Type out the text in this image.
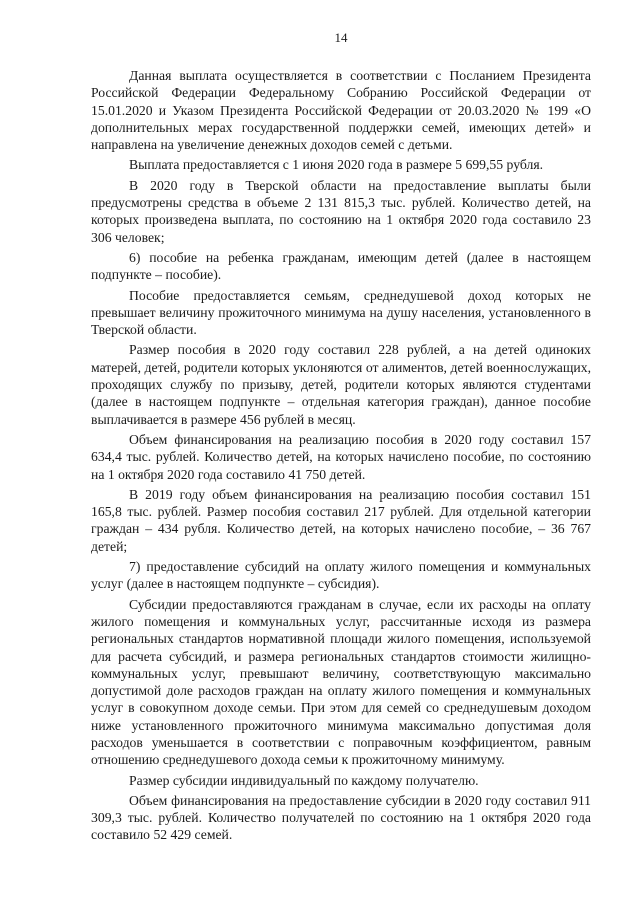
14

Данная выплата осуществляется в соответствии с Посланием Президента Российской Федерации Федеральному Собранию Российской Федерации от 15.01.2020 и Указом Президента Российской Федерации от 20.03.2020 № 199 «О дополнительных мерах государственной поддержки семей, имеющих детей» и направлена на увеличение денежных доходов семей с детьми.

Выплата предоставляется с 1 июня 2020 года в размере 5 699,55 рубля.

В 2020 году в Тверской области на предоставление выплаты были предусмотрены средства в объеме 2 131 815,3 тыс. рублей. Количество детей, на которых произведена выплата, по состоянию на 1 октября 2020 года составило 23 306 человек;

6) пособие на ребенка гражданам, имеющим детей (далее в настоящем подпункте – пособие).

Пособие предоставляется семьям, среднедушевой доход которых не превышает величину прожиточного минимума на душу населения, установленного в Тверской области.

Размер пособия в 2020 году составил 228 рублей, а на детей одиноких матерей, детей, родители которых уклоняются от алиментов, детей военнослужащих, проходящих службу по призыву, детей, родители которых являются студентами (далее в настоящем подпункте – отдельная категория граждан), данное пособие выплачивается в размере 456 рублей в месяц.

Объем финансирования на реализацию пособия в 2020 году составил 157 634,4 тыс. рублей. Количество детей, на которых начислено пособие, по состоянию на 1 октября 2020 года составило 41 750 детей.

В 2019 году объем финансирования на реализацию пособия составил 151 165,8 тыс. рублей. Размер пособия составил 217 рублей. Для отдельной категории граждан – 434 рубля. Количество детей, на которых начислено пособие, – 36 767 детей;

7) предоставление субсидий на оплату жилого помещения и коммунальных услуг (далее в настоящем подпункте – субсидия).

Субсидии предоставляются гражданам в случае, если их расходы на оплату жилого помещения и коммунальных услуг, рассчитанные исходя из размера региональных стандартов нормативной площади жилого помещения, используемой для расчета субсидий, и размера региональных стандартов стоимости жилищно-коммунальных услуг, превышают величину, соответствующую максимально допустимой доле расходов граждан на оплату жилого помещения и коммунальных услуг в совокупном доходе семьи. При этом для семей со среднедушевым доходом ниже установленного прожиточного минимума максимально допустимая доля расходов уменьшается в соответствии с поправочным коэффициентом, равным отношению среднедушевого дохода семьи к прожиточному минимуму.

Размер субсидии индивидуальный по каждому получателю.

Объем финансирования на предоставление субсидии в 2020 году составил 911 309,3 тыс. рублей. Количество получателей по состоянию на 1 октября 2020 года составило 52 429 семей.
